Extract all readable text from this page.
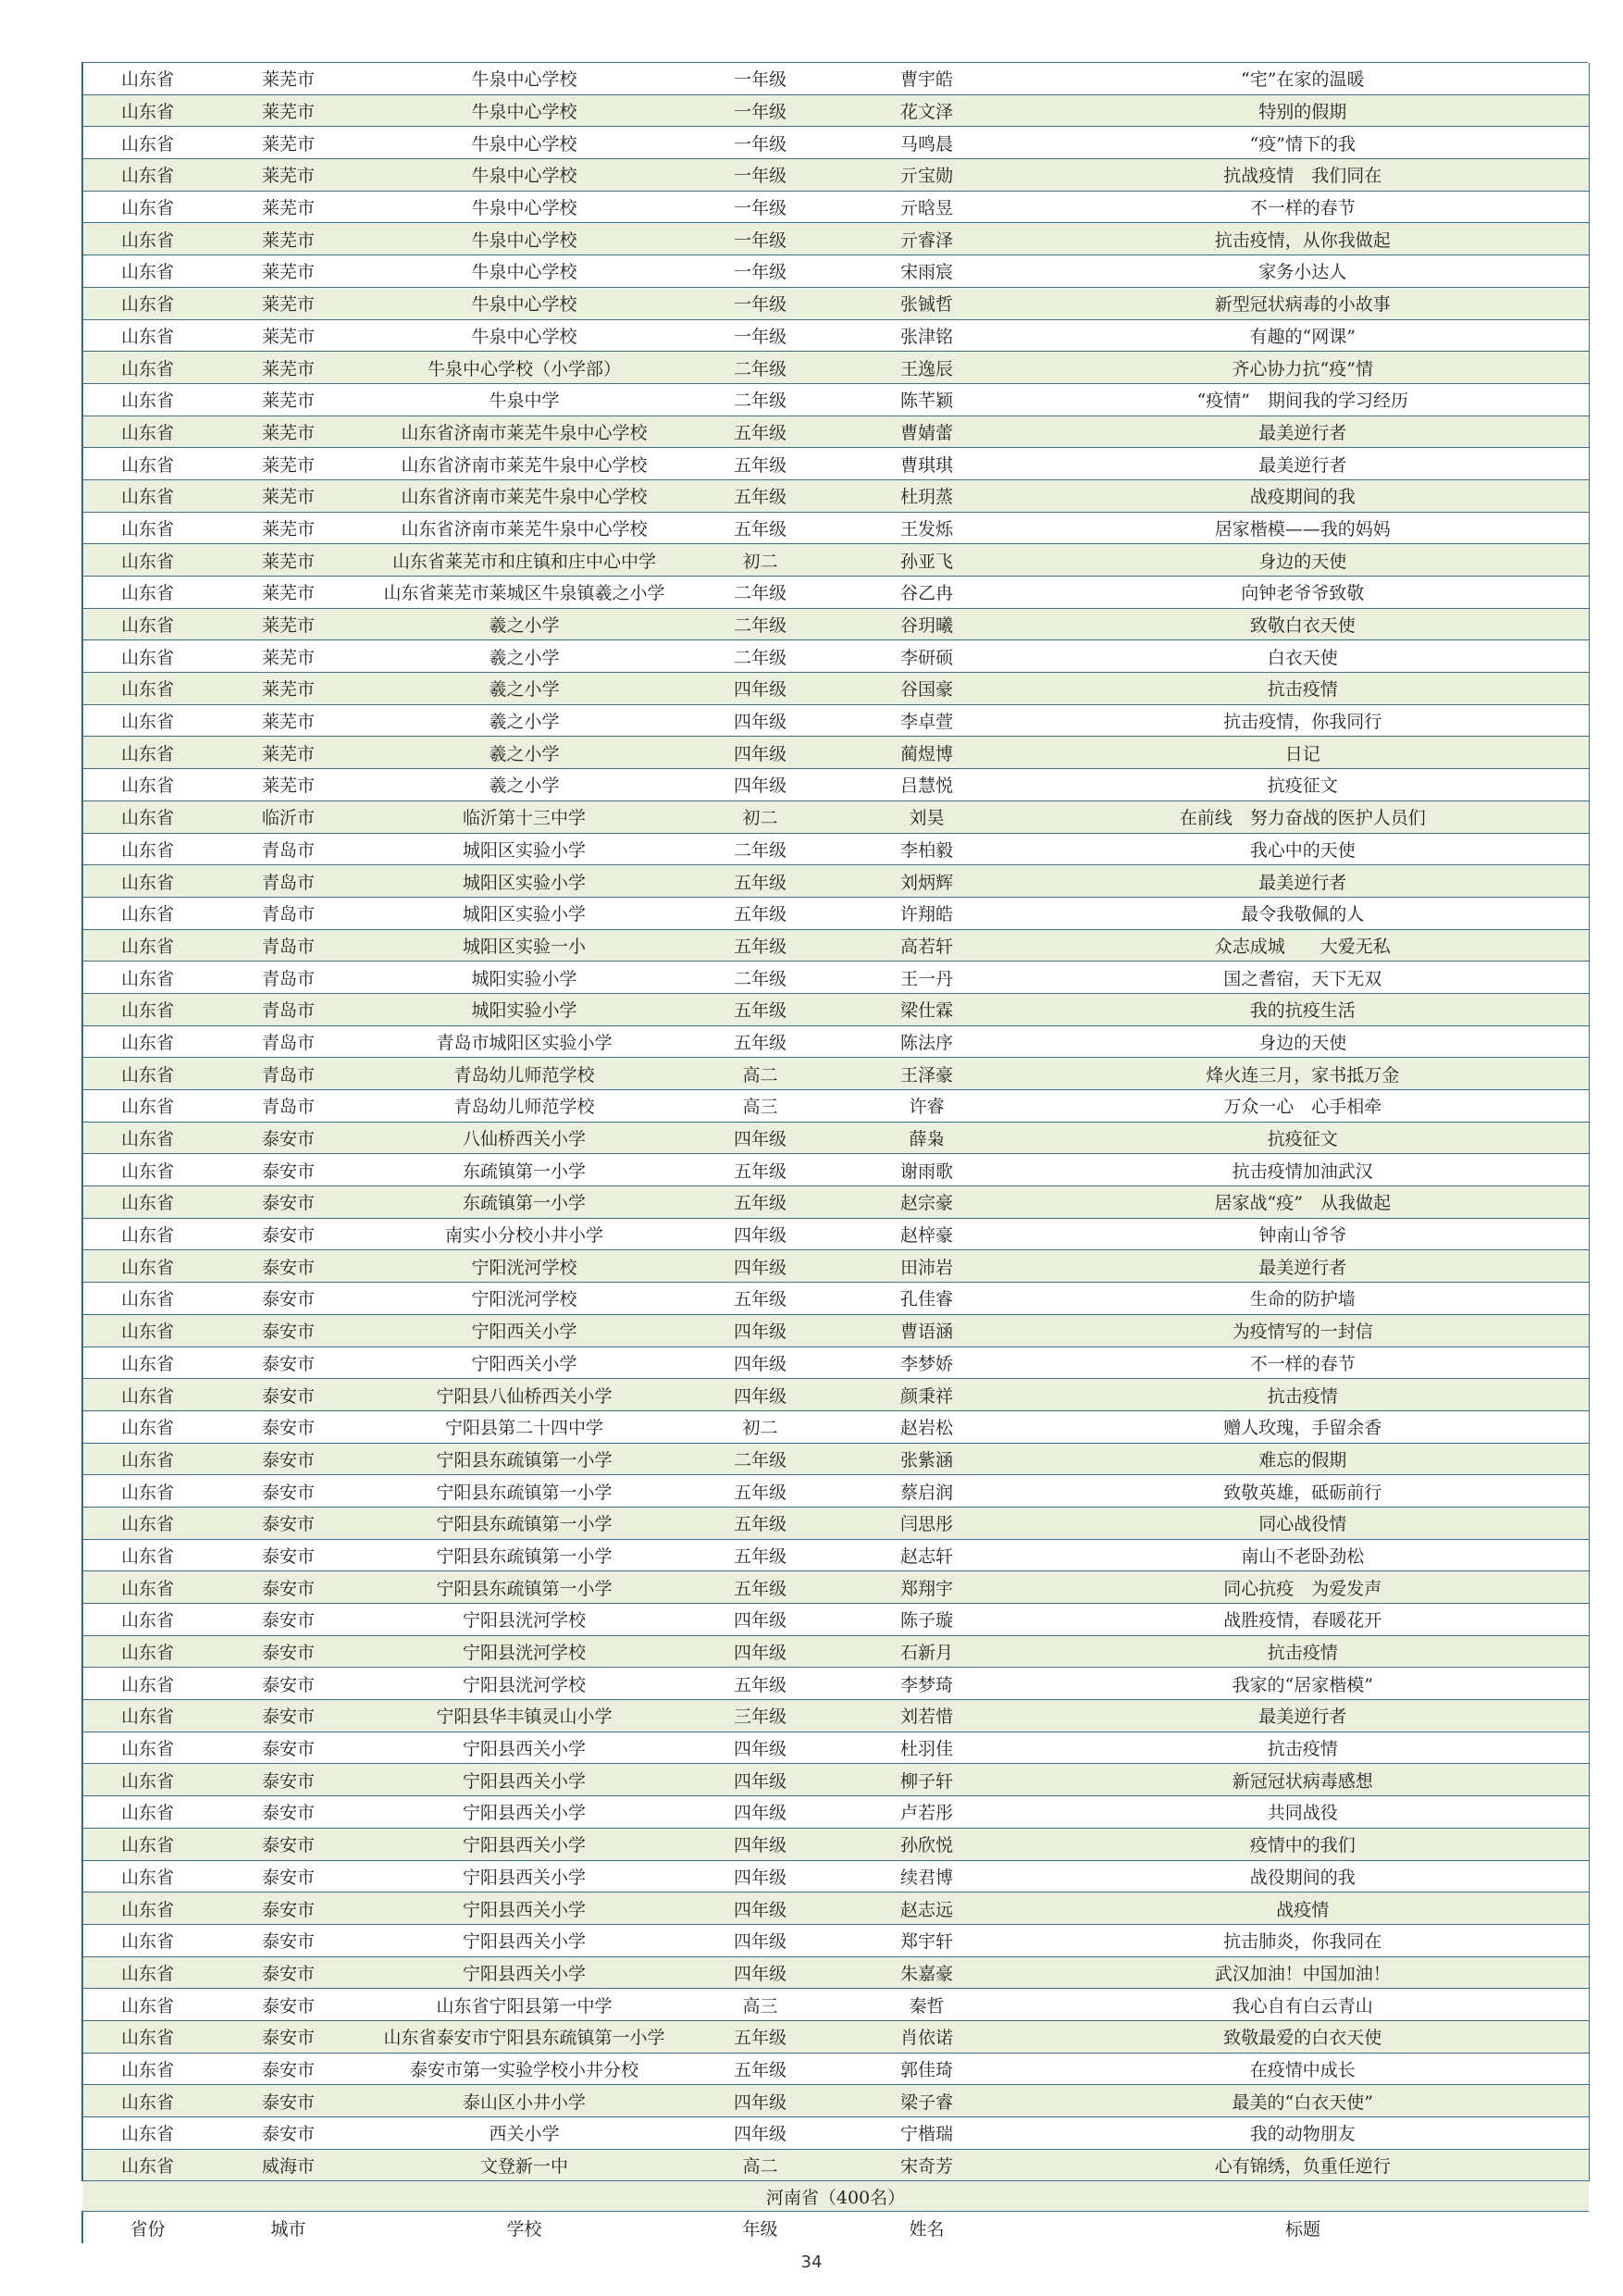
山东省	莱芜市	牛泉中心学校	一年级	曹宇皓	“宅”在家的温暖
山东省	莱芜市	牛泉中心学校	一年级	花文泽	特别的假期
山东省	莱芜市	牛泉中心学校	一年级	马鸣晨	“疫”情下的我
山东省	莱芜市	牛泉中心学校	一年级	亓宝勋	抗战疫情　我们同在
山东省	莱芜市	牛泉中心学校	一年级	亓晗昱	不一样的春节
山东省	莱芜市	牛泉中心学校	一年级	亓睿泽	抗击疫情，从你我做起
山东省	莱芜市	牛泉中心学校	一年级	宋雨宸	家务小达人
山东省	莱芜市	牛泉中心学校	一年级	张铖哲	新型冠状病毒的小故事
山东省	莱芜市	牛泉中心学校	一年级	张津铭	有趣的“网课”
山东省	莱芜市	牛泉中心学校（小学部）	二年级	王逸辰	齐心协力抗“疫”情
山东省	莱芜市	牛泉中学	二年级	陈芊颖	“疫情”　期间我的学习经历
山东省	莱芜市	山东省济南市莱芜牛泉中心学校	五年级	曹婧蕾	最美逆行者
山东省	莱芜市	山东省济南市莱芜牛泉中心学校	五年级	曹琪琪	最美逆行者
山东省	莱芜市	山东省济南市莱芜牛泉中心学校	五年级	杜玥蒸	战疫期间的我
山东省	莱芜市	山东省济南市莱芜牛泉中心学校	五年级	王发烁	居家楷模——我的妈妈
山东省	莱芜市	山东省莱芜市和庄镇和庄中心中学	初二	孙亚飞	身边的天使
山东省	莱芜市	山东省莱芜市莱城区牛泉镇羲之小学	二年级	谷乙冉	向钟老爷爷致敬
山东省	莱芜市	羲之小学	二年级	谷玥曦	致敬白衣天使
山东省	莱芜市	羲之小学	二年级	李研硕	白衣天使
山东省	莱芜市	羲之小学	四年级	谷国豪	抗击疫情
山东省	莱芜市	羲之小学	四年级	李卓萱	抗击疫情，你我同行
山东省	莱芜市	羲之小学	四年级	蔺煜博	日记
山东省	莱芜市	羲之小学	四年级	吕慧悦	抗疫征文
山东省	临沂市	临沂第十三中学	初二	刘昊	在前线　努力奋战的医护人员们
山东省	青岛市	城阳区实验小学	二年级	李柏毅	我心中的天使
山东省	青岛市	城阳区实验小学	五年级	刘炳辉	最美逆行者
山东省	青岛市	城阳区实验小学	五年级	许翔皓	最令我敬佩的人
山东省	青岛市	城阳区实验一小	五年级	高若轩	众志成城　　大爱无私
山东省	青岛市	城阳实验小学	二年级	王一丹	国之耆宿，天下无双
山东省	青岛市	城阳实验小学	五年级	梁仕霖	我的抗疫生活
山东省	青岛市	青岛市城阳区实验小学	五年级	陈法序	身边的天使
山东省	青岛市	青岛幼儿师范学校	高二	王泽豪	烽火连三月，家书抵万金
山东省	青岛市	青岛幼儿师范学校	高三	许睿	万众一心　心手相牵
山东省	泰安市	八仙桥西关小学	四年级	薛枭	抗疫征文
山东省	泰安市	东疏镇第一小学	五年级	谢雨歌	抗击疫情加油武汉
山东省	泰安市	东疏镇第一小学	五年级	赵宗豪	居家战“疫”　从我做起
山东省	泰安市	南实小分校小井小学	四年级	赵梓豪	钟南山爷爷
山东省	泰安市	宁阳洸河学校	四年级	田沛岩	最美逆行者
山东省	泰安市	宁阳洸河学校	五年级	孔佳睿	生命的防护墙
山东省	泰安市	宁阳西关小学	四年级	曹语涵	为疫情写的一封信
山东省	泰安市	宁阳西关小学	四年级	李梦娇	不一样的春节
山东省	泰安市	宁阳县八仙桥西关小学	四年级	颜秉祥	抗击疫情
山东省	泰安市	宁阳县第二十四中学	初二	赵岩松	赠人玫瑰，手留余香
山东省	泰安市	宁阳县东疏镇第一小学	二年级	张紫涵	难忘的假期
山东省	泰安市	宁阳县东疏镇第一小学	五年级	蔡启润	致敬英雄，砥砺前行
山东省	泰安市	宁阳县东疏镇第一小学	五年级	闫思彤	同心战役情
山东省	泰安市	宁阳县东疏镇第一小学	五年级	赵志轩	南山不老卧劲松
山东省	泰安市	宁阳县东疏镇第一小学	五年级	郑翔宇	同心抗疫　为爱发声
山东省	泰安市	宁阳县洸河学校	四年级	陈子璇	战胜疫情，春暖花开
山东省	泰安市	宁阳县洸河学校	四年级	石新月	抗击疫情
山东省	泰安市	宁阳县洸河学校	五年级	李梦琦	我家的“居家楷模”
山东省	泰安市	宁阳县华丰镇灵山小学	三年级	刘若惜	最美逆行者
山东省	泰安市	宁阳县西关小学	四年级	杜羽佳	抗击疫情
山东省	泰安市	宁阳县西关小学	四年级	柳子轩	新冠冠状病毒感想
山东省	泰安市	宁阳县西关小学	四年级	卢若彤	共同战役
山东省	泰安市	宁阳县西关小学	四年级	孙欣悦	疫情中的我们
山东省	泰安市	宁阳县西关小学	四年级	续君博	战役期间的我
山东省	泰安市	宁阳县西关小学	四年级	赵志远	战疫情
山东省	泰安市	宁阳县西关小学	四年级	郑宇轩	抗击肺炎，你我同在
山东省	泰安市	宁阳县西关小学	四年级	朱嘉豪	武汉加油！中国加油！
山东省	泰安市	山东省宁阳县第一中学	高三	秦哲	我心自有白云青山
山东省	泰安市	山东省泰安市宁阳县东疏镇第一小学	五年级	肖依诺	致敬最爱的白衣天使
山东省	泰安市	泰安市第一实验学校小井分校	五年级	郭佳琦	在疫情中成长
山东省	泰安市	泰山区小井小学	四年级	梁子睿	最美的“白衣天使”
山东省	泰安市	西关小学	四年级	宁楷瑞	我的动物朋友
山东省	威海市	文登新一中	高二	宋奇芳	心有锦绣，负重任逆行
河南省（400名）					
省份	城市	学校	年级	姓名	标题
34
